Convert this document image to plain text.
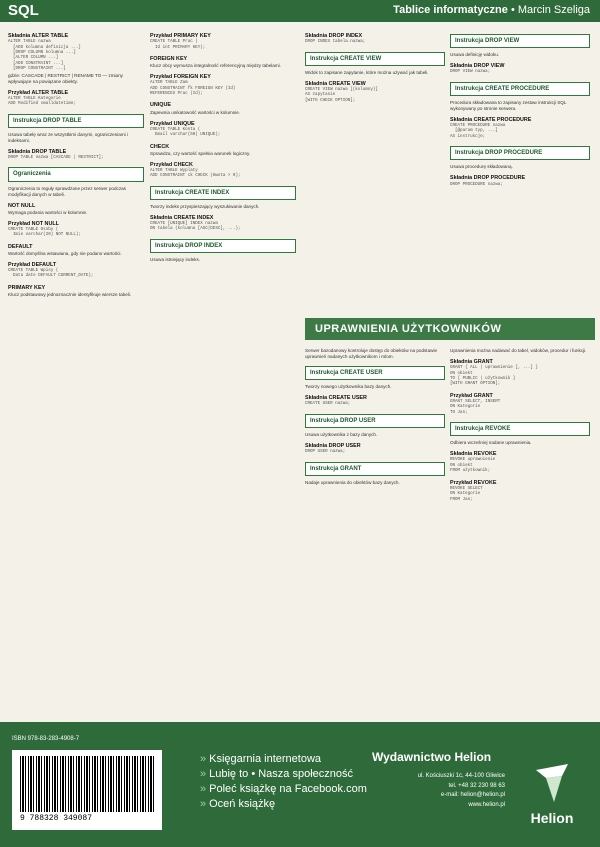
SQL	Tablice informatyczne • Marcin Szeliga
Składnia ALTER TABLE
ALTER TABLE nazwa
[ADD kolumna definicja ...]
[DROP COLUMN kolumna ...]
[ALTER COLUMN ...]
[ADD CONSTRAINT ...]
[DROP CONSTRAINT ...]
gdzie: CASCADE | RESTRICT | RENAME TO — zmiany wpływające na powiązane obiekty.
Przykład ALTER TABLE
ALTER TABLE Kategorie
ADD Modified smalldatetime;
Instrukcja DROP TABLE
Usuwa tabelę wraz ze wszystkimi danymi, ograniczeniami i indeksami.
Składnia DROP TABLE
DROP TABLE nazwa [CASCADE | RESTRICT];
Ograniczenia
Ograniczenia to reguły sprawdzane przez serwer podczas modyfikacji danych w tabeli.
NOT NULL
Wymaga podania wartości w kolumnie.
Przykład NOT NULL
CREATE TABLE Osoby (
Imie varchar(20) NOT NULL);
DEFAULT
Wartość domyślna wstawiana, gdy nie podano wartości.
Przykład DEFAULT
CREATE TABLE Wpisy (
Data date DEFAULT CURRENT_DATE);
PRIMARY KEY
Klucz podstawowy jednoznacznie identyfikuje wiersze tabeli.
Przykład PRIMARY KEY
CREATE TABLE Prac (
Id int PRIMARY KEY);
FOREIGN KEY
Klucz obcy wymusza integralność referencyjną między tabelami.
Przykład FOREIGN KEY
ALTER TABLE Zam
ADD CONSTRAINT fk FOREIGN KEY (Id)
REFERENCES Prac (Id);
UNIQUE
Zapewnia unikatowość wartości w kolumnie.
Przykład UNIQUE
CREATE TABLE Konta (
Email varchar(50) UNIQUE);
CHECK
Sprawdza, czy wartość spełnia warunek logiczny.
Przykład CHECK
ALTER TABLE Wyplaty
ADD CONSTRAINT ck CHECK (Kwota > 0);
Instrukcja CREATE INDEX
Tworzy indeks przyspieszający wyszukiwanie danych.
Składnia CREATE INDEX
CREATE [UNIQUE] INDEX nazwa
ON tabela (kolumna [ASC|DESC], ...);
Instrukcja DROP INDEX
Usuwa istniejący indeks.
Składnia DROP INDEX
DROP INDEX tabela.nazwa;
Instrukcja CREATE VIEW
Widok to zapisane zapytanie, które można używać jak tabeli.
Składnia CREATE VIEW
CREATE VIEW nazwa [(kolumny)]
AS zapytanie
[WITH CHECK OPTION];
UPRAWNIENIA UŻYTKOWNIKÓW
Serwer bazodanowy kontroluje dostęp do obiektów na podstawie uprawnień nadanych użytkownikom i rolom.
Instrukcja CREATE USER
Tworzy nowego użytkownika bazy danych.
Składnia CREATE USER
CREATE USER nazwa;
Instrukcja DROP USER
Usuwa użytkownika z bazy danych.
Składnia DROP USER
DROP USER nazwa;
Instrukcja GRANT
Nadaje uprawnienia do obiektów bazy danych.
Instrukcja DROP VIEW
Usuwa definicję widoku.
Składnia DROP VIEW
DROP VIEW nazwa;
Instrukcja CREATE PROCEDURE
Procedura składowana to zapisany zestaw instrukcji SQL wykonywany po stronie serwera.
Składnia CREATE PROCEDURE
CREATE PROCEDURE nazwa
[@param typ, ...]
AS instrukcje;
Instrukcja DROP PROCEDURE
Usuwa procedurę składowaną.
Składnia DROP PROCEDURE
DROP PROCEDURE nazwa;
Uprawnienia można nadawać do tabel, widoków, procedur i funkcji.
Składnia GRANT
GRANT { ALL | uprawnienie [, ...] }
ON obiekt
TO { PUBLIC | użytkownik }
[WITH GRANT OPTION];
Przykład GRANT
GRANT SELECT, INSERT
ON Kategorie
TO Jan;
Instrukcja REVOKE
Odbiera wcześniej nadane uprawnienia.
Składnia REVOKE
REVOKE uprawnienie
ON obiekt
FROM użytkownik;
Przykład REVOKE
REVOKE SELECT
ON Kategorie
FROM Jan;
ISBN 978-83-283-4908-7
9 788328 349087
» Księgarnia internetowa
» Lubię to • Nasza społeczność
» Poleć książkę na Facebook.com
» Oceń książkę
Wydawnictwo Helion
ul. Kościuszki 1c, 44-100 Gliwice
tel. +48 32 230 98 63
e-mail: helion@helion.pl
www.helion.pl
Helion
